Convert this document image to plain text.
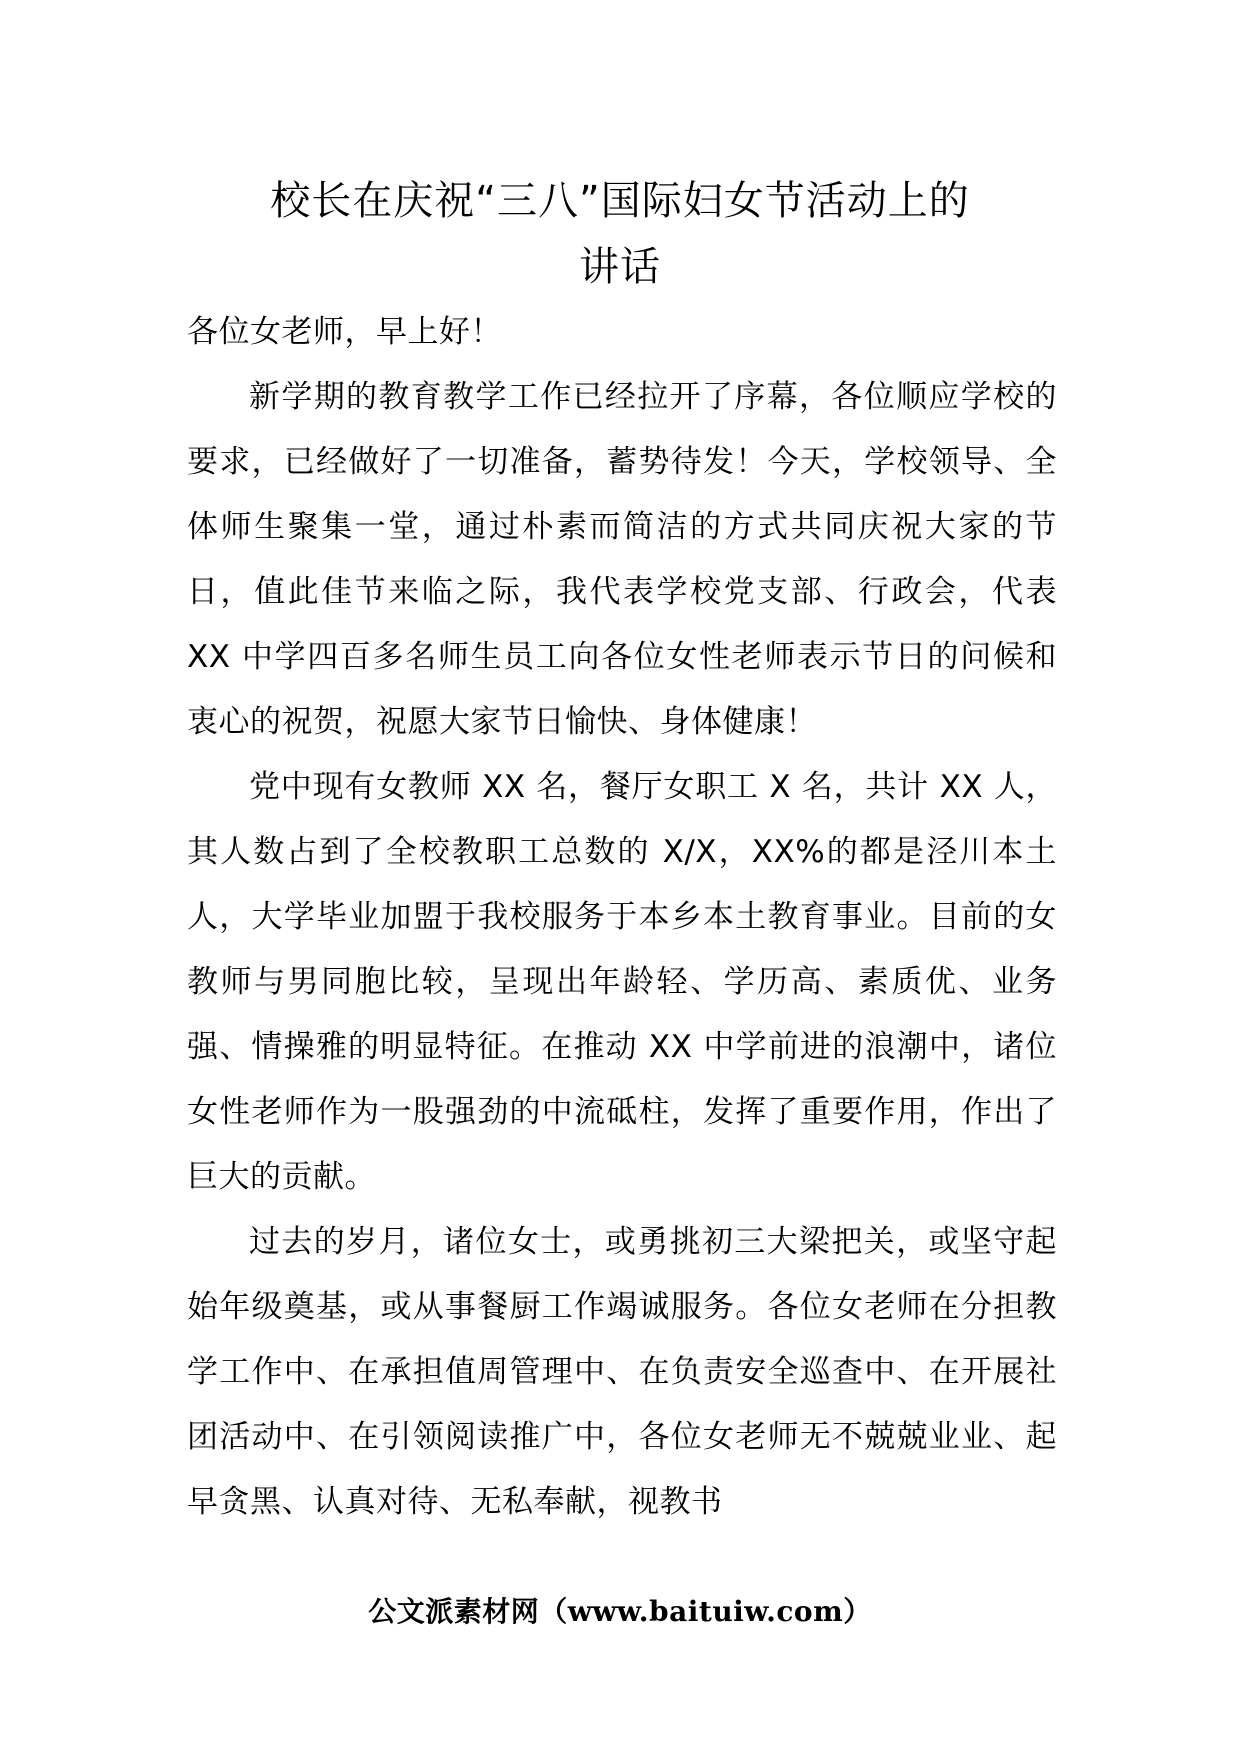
校长在庆祝“三八”国际妇女节活动上的
讲话

各位女老师，早上好！

新学期的教育教学工作已经拉开了序幕，各位顺应学校的要求，已经做好了一切准备，蓄势待发！今天，学校领导、全体师生聚集一堂，通过朴素而简洁的方式共同庆祝大家的节日，值此佳节来临之际，我代表学校党支部、行政会，代表 XX 中学四百多名师生员工向各位女性老师表示节日的问候和衷心的祝贺，祝愿大家节日愉快、身体健康！

党中现有女教师 XX 名，餐厅女职工 X 名，共计 XX 人，其人数占到了全校教职工总数的 X/X，XX%的都是泾川本土人，大学毕业加盟于我校服务于本乡本土教育事业。目前的女教师与男同胞比较，呈现出年龄轻、学历高、素质优、业务强、情操雅的明显特征。在推动 XX 中学前进的浪潮中，诸位女性老师作为一股强劲的中流砥柱，发挥了重要作用，作出了巨大的贡献。

过去的岁月，诸位女士，或勇挑初三大梁把关，或坚守起始年级奠基，或从事餐厨工作竭诚服务。各位女老师在分担教学工作中、在承担值周管理中、在负责安全巡查中、在开展社团活动中、在引领阅读推广中，各位女老师无不兢兢业业、起早贪黑、认真对待、无私奉献，视教书

公文派素材网（www.baituiw.com）
